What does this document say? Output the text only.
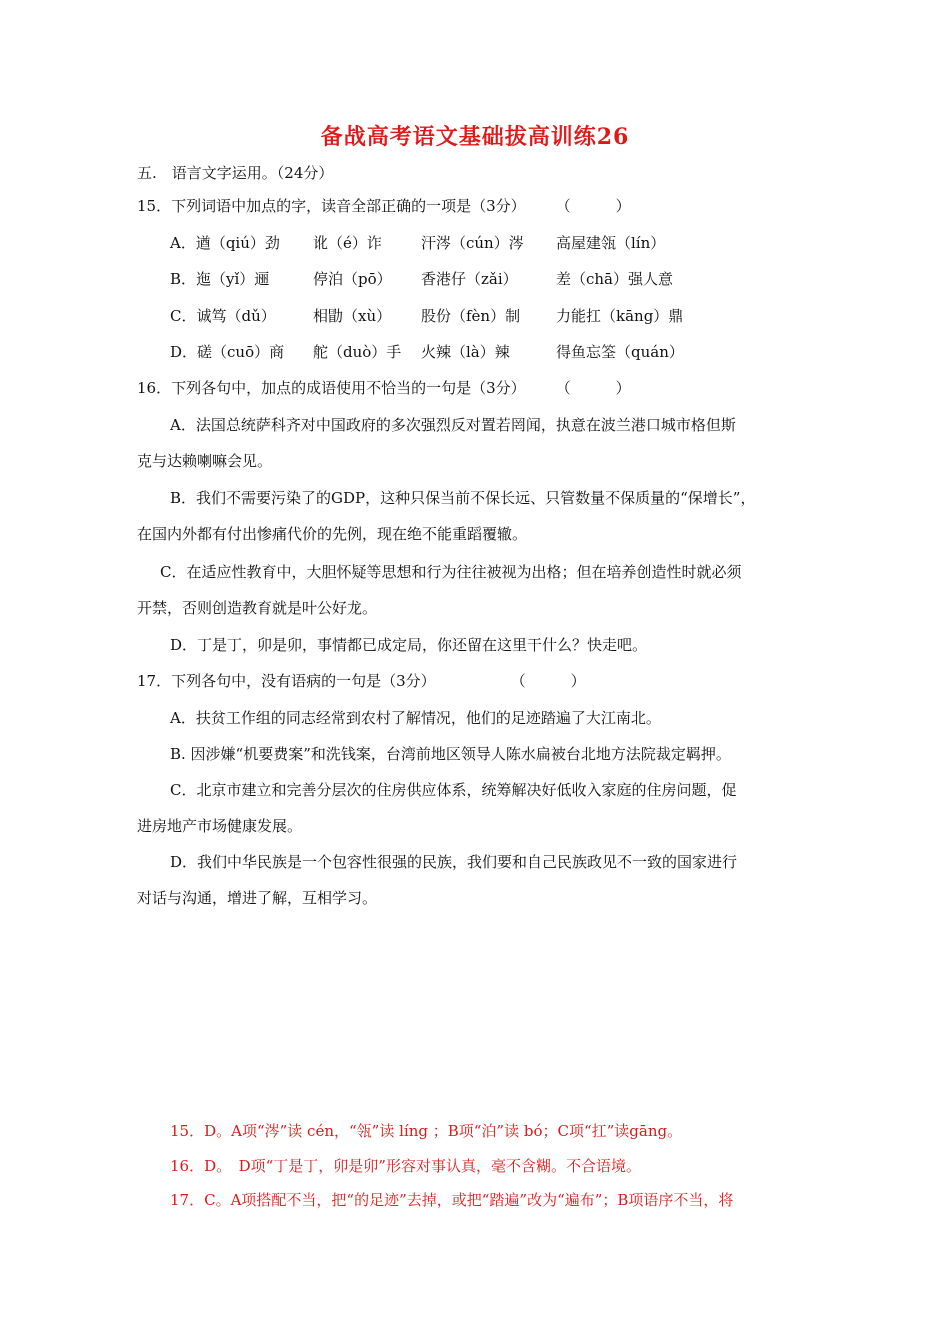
备战高考语文基础拔高训练26
五.　语言文字运用。（24分）
15．下列词语中加点的字，读音全部正确的一项是（3分）　　　（　　　）
A．遒（qiú）劲 讹（é）诈	汗涔（cún）涔 高屋建瓴（lín）
B．迤（yǐ）逦	停泊（pō） 香港仔（zǎi）	差（chā）强人意
C．诚笃（dǔ） 相勖（xù） 股份（fèn）制 力能扛（kāng）鼎
D．磋（cuō）商 舵（duò）手 火辣（là）辣	得鱼忘筌（quán）
16．下列各句中，加点的成语使用不恰当的一句是（3分）　　　（　　　）
A．法国总统萨科齐对中国政府的多次强烈反对置若罔闻，执意在波兰港口城市格但斯
克与达赖喇嘛会见。
B．我们不需要污染了的GDP，这种只保当前不保长远、只管数量不保质量的“保增长”，
在国内外都有付出惨痛代价的先例，现在绝不能重蹈覆辙。
C．在适应性教育中，大胆怀疑等思想和行为往往被视为出格；但在培养创造性时就必须
开禁，否则创造教育就是叶公好龙。
D．丁是丁，卯是卯，事情都已成定局，你还留在这里干什么？快走吧。
17．下列各句中，没有语病的一句是（3分）　　　　　　（　　　）
A．扶贫工作组的同志经常到农村了解情况，他们的足迹踏遍了大江南北。
B. 因涉嫌“机要费案”和洗钱案，台湾前地区领导人陈水扁被台北地方法院裁定羁押。
C．北京市建立和完善分层次的住房供应体系，统筹解决好低收入家庭的住房问题，促
进房地产市场健康发展。
D．我们中华民族是一个包容性很强的民族，我们要和自己民族政见不一致的国家进行
对话与沟通，增进了解，互相学习。
15．D。A项“涔”读 cén，“瓴”读 líng ；B项“泊”读 bó；C项“扛”读gāng。
16．D。　D项“丁是丁，卯是卯”形容对事认真，毫不含糊。不合语境。
17．C。A项搭配不当，把“的足迹”去掉，或把“踏遍”改为“遍布”；B项语序不当，将
